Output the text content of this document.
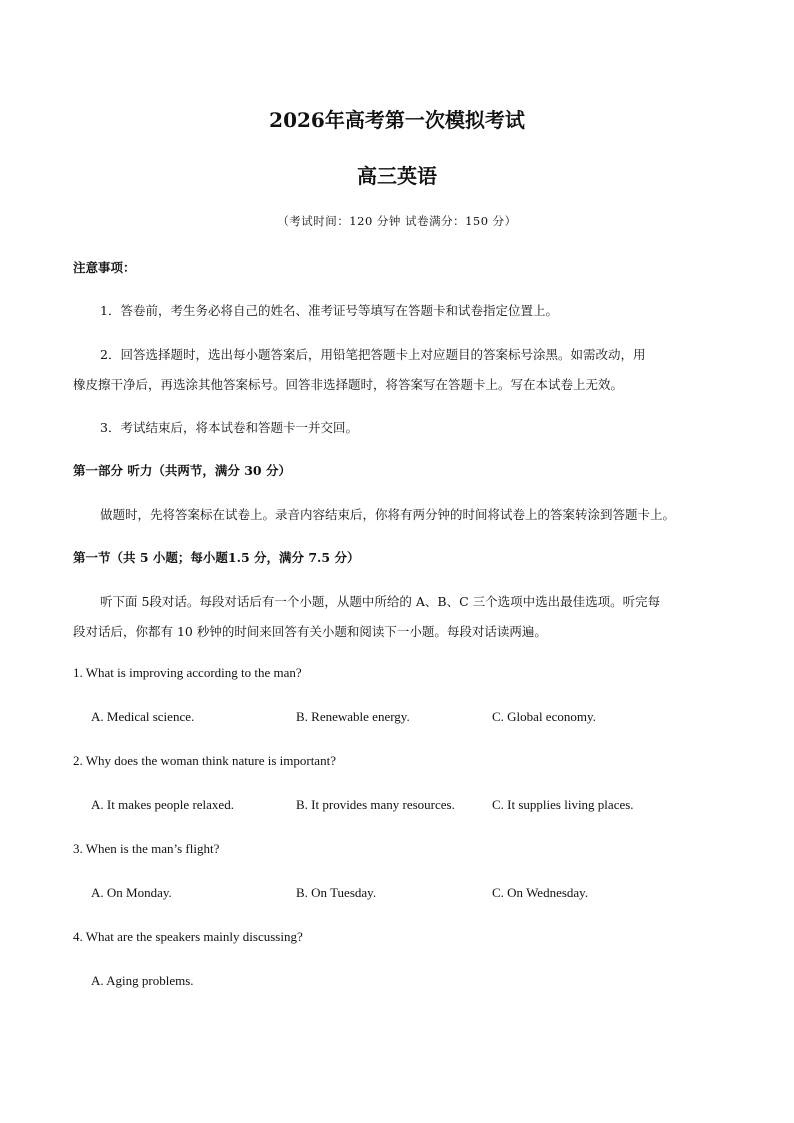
2026年高考第一次模拟考试
高三英语
（考试时间：120 分钟 试卷满分：150 分）
注意事项：
1．答卷前，考生务必将自己的姓名、准考证号等填写在答题卡和试卷指定位置上。
2．回答选择题时，选出每小题答案后，用铅笔把答题卡上对应题目的答案标号涂黑。如需改动，用
橡皮擦干净后，再选涂其他答案标号。回答非选择题时，将答案写在答题卡上。写在本试卷上无效。
3．考试结束后，将本试卷和答题卡一并交回。
第一部分 听力（共两节，满分 30 分）
做题时，先将答案标在试卷上。录音内容结束后，你将有两分钟的时间将试卷上的答案转涂到答题卡上。
第一节（共 5 小题；每小题1.5 分，满分 7.5 分）
听下面 5段对话。每段对话后有一个小题，从题中所给的 A、B、C 三个选项中选出最佳选项。听完每
段对话后，你都有 10 秒钟的时间来回答有关小题和阅读下一小题。每段对话读两遍。
1. What is improving according to the man?
A. Medical science.	B. Renewable energy.	C. Global economy.
2. Why does the woman think nature is important?
A. It makes people relaxed.	B. It provides many resources.	C. It supplies living places.
3. When is the man’s flight?
A. On Monday.	B. On Tuesday.	C. On Wednesday.
4. What are the speakers mainly discussing?
A. Aging problems.
